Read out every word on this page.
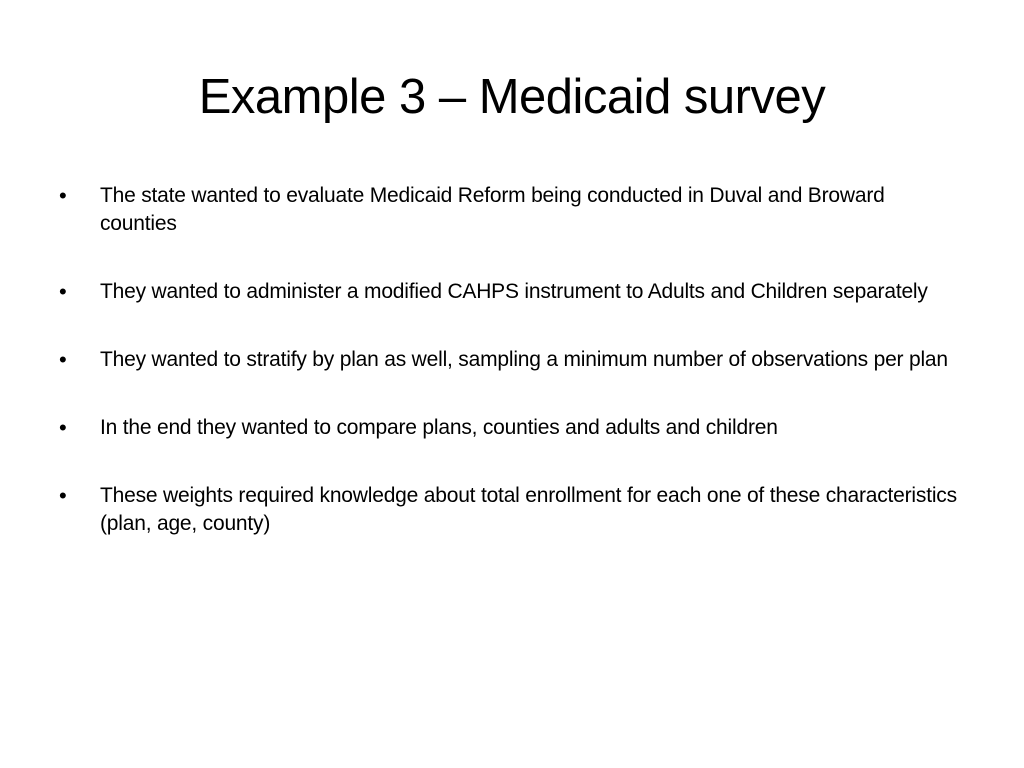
Example 3 – Medicaid survey
•	The state wanted to evaluate Medicaid Reform being conducted in Duval and Broward counties
•	They wanted to administer a modified CAHPS instrument to Adults and Children separately
•	They wanted to stratify by plan as well, sampling a minimum number of observations per plan
•	In the end they wanted to compare plans, counties and adults and children
•	These weights required knowledge about total enrollment for each one of these characteristics (plan, age, county)
